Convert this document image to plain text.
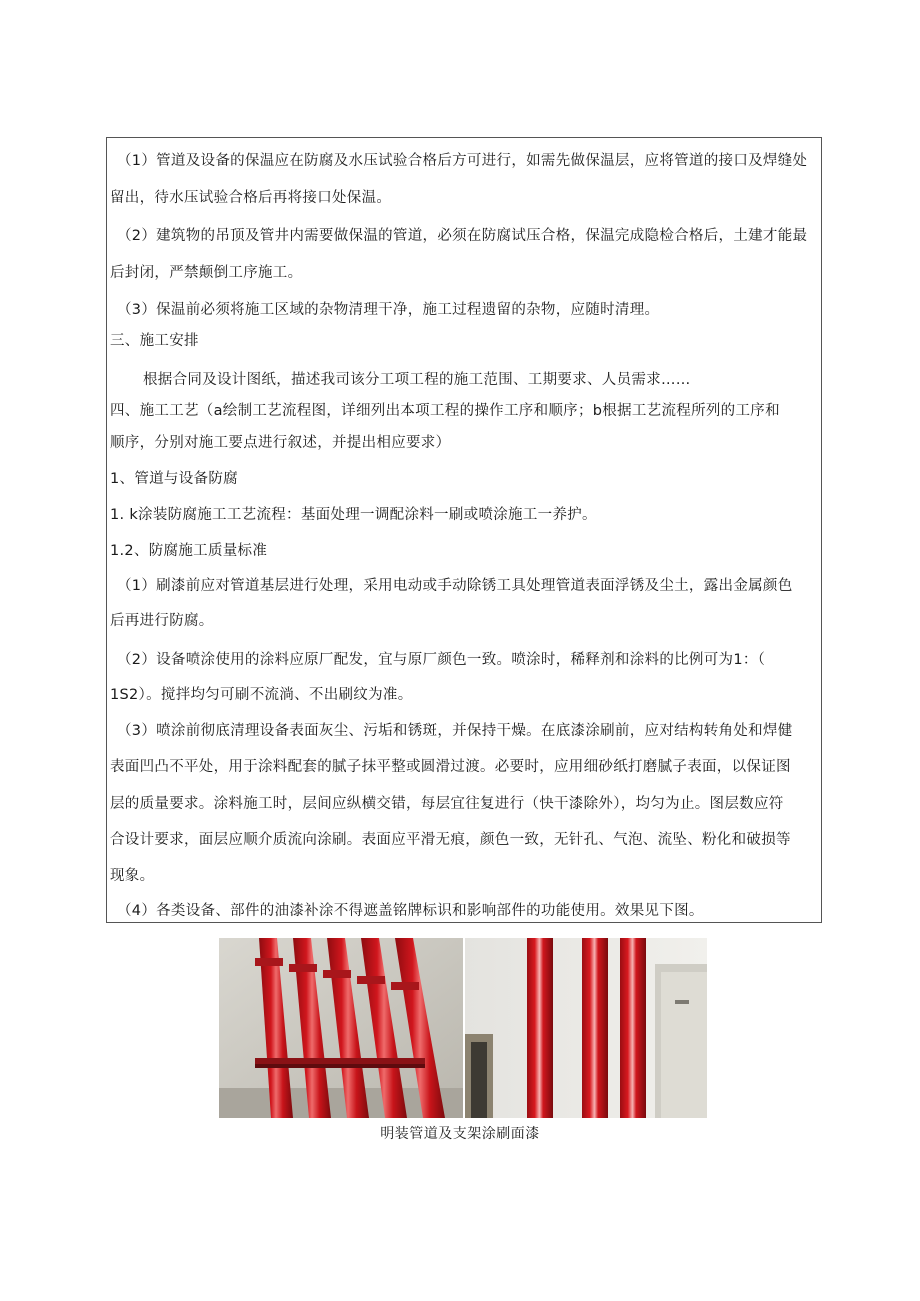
（1）管道及设备的保温应在防腐及水压试验合格后方可进行，如需先做保温层，应将管道的接口及焊缝处

留出，待水压试验合格后再将接口处保温。

（2）建筑物的吊顶及管井内需要做保温的管道，必须在防腐试压合格，保温完成隐检合格后，土建才能最

后封闭，严禁颠倒工序施工。

（3）保温前必须将施工区域的杂物清理干净，施工过程遗留的杂物，应随时清理。

三、施工安排

根据合同及设计图纸，描述我司该分工项工程的施工范围、工期要求、人员需求……

四、施工工艺（a绘制工艺流程图，详细列出本项工程的操作工序和顺序；b根据工艺流程所列的工序和

顺序，分别对施工要点进行叙述，并提出相应要求）

1、管道与设备防腐

1. k涂装防腐施工工艺流程：基面处理一调配涂料一刷或喷涂施工一养护。

1.2、防腐施工质量标准

（1）刷漆前应对管道基层进行处理，采用电动或手动除锈工具处理管道表面浮锈及尘土，露出金属颜色

后再进行防腐。

（2）设备喷涂使用的涂料应原厂配发，宜与原厂颜色一致。喷涂时，稀释剂和涂料的比例可为1：（

1S2）。搅拌均匀可刷不流淌、不出刷纹为准。

（3）喷涂前彻底清理设备表面灰尘、污垢和锈斑，并保持干燥。在底漆涂刷前，应对结构转角处和焊健

表面凹凸不平处，用于涂料配套的腻子抹平整或圆滑过渡。必要时，应用细砂纸打磨腻子表面，以保证图

层的质量要求。涂料施工时，层间应纵横交错，每层宜往复进行（快干漆除外），均匀为止。图层数应符

合设计要求，面层应顺介质流向涂刷。表面应平滑无痕，颜色一致，无针孔、气泡、流坠、粉化和破损等

现象。

（4）各类设备、部件的油漆补涂不得遮盖铭牌标识和影响部件的功能使用。效果见下图。

明装管道及支架涂刷面漆
